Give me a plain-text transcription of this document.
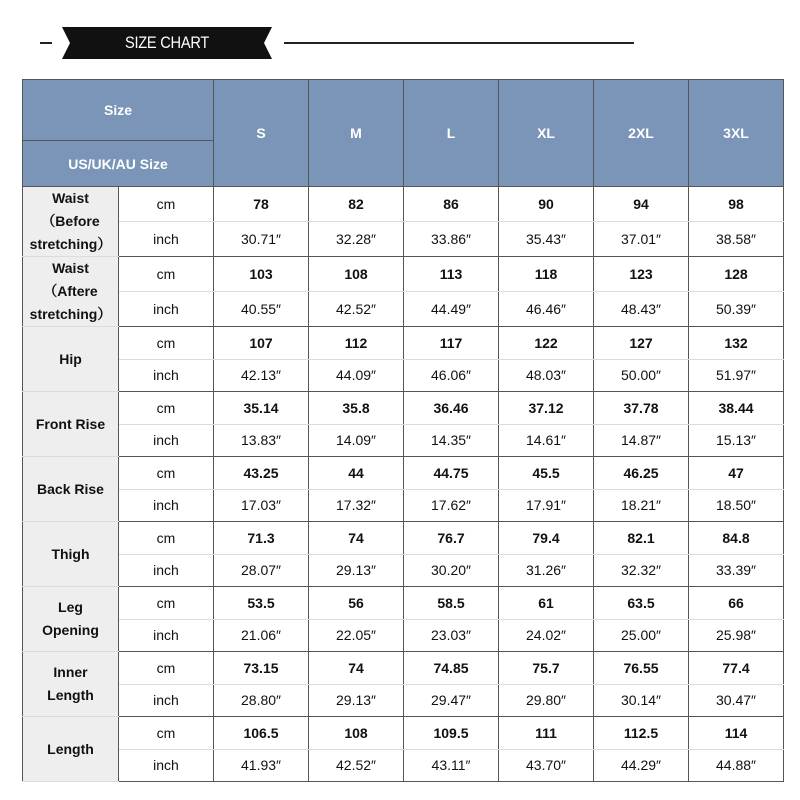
SIZE CHART
Size		S	M	L	XL	2XL	3XL
US/UK/AU Size							
Waist
（Before
stretching）	cm	78	82	86	90	94	98
	inch	30.71″	32.28″	33.86″	35.43″	37.01″	38.58″
Waist
（Aftere
stretching）	cm	103	108	113	118	123	128
	inch	40.55″	42.52″	44.49″	46.46″	48.43″	50.39″
Hip	cm	107	112	117	122	127	132
	inch	42.13″	44.09″	46.06″	48.03″	50.00″	51.97″
Front Rise	cm	35.14	35.8	36.46	37.12	37.78	38.44
	inch	13.83″	14.09″	14.35″	14.61″	14.87″	15.13″
Back Rise	cm	43.25	44	44.75	45.5	46.25	47
	inch	17.03″	17.32″	17.62″	17.91″	18.21″	18.50″
Thigh	cm	71.3	74	76.7	79.4	82.1	84.8
	inch	28.07″	29.13″	30.20″	31.26″	32.32″	33.39″
Leg
Opening	cm	53.5	56	58.5	61	63.5	66
	inch	21.06″	22.05″	23.03″	24.02″	25.00″	25.98″
Inner
Length	cm	73.15	74	74.85	75.7	76.55	77.4
	inch	28.80″	29.13″	29.47″	29.80″	30.14″	30.47″
Length	cm	106.5	108	109.5	111	112.5	114
	inch	41.93″	42.52″	43.11″	43.70″	44.29″	44.88″
